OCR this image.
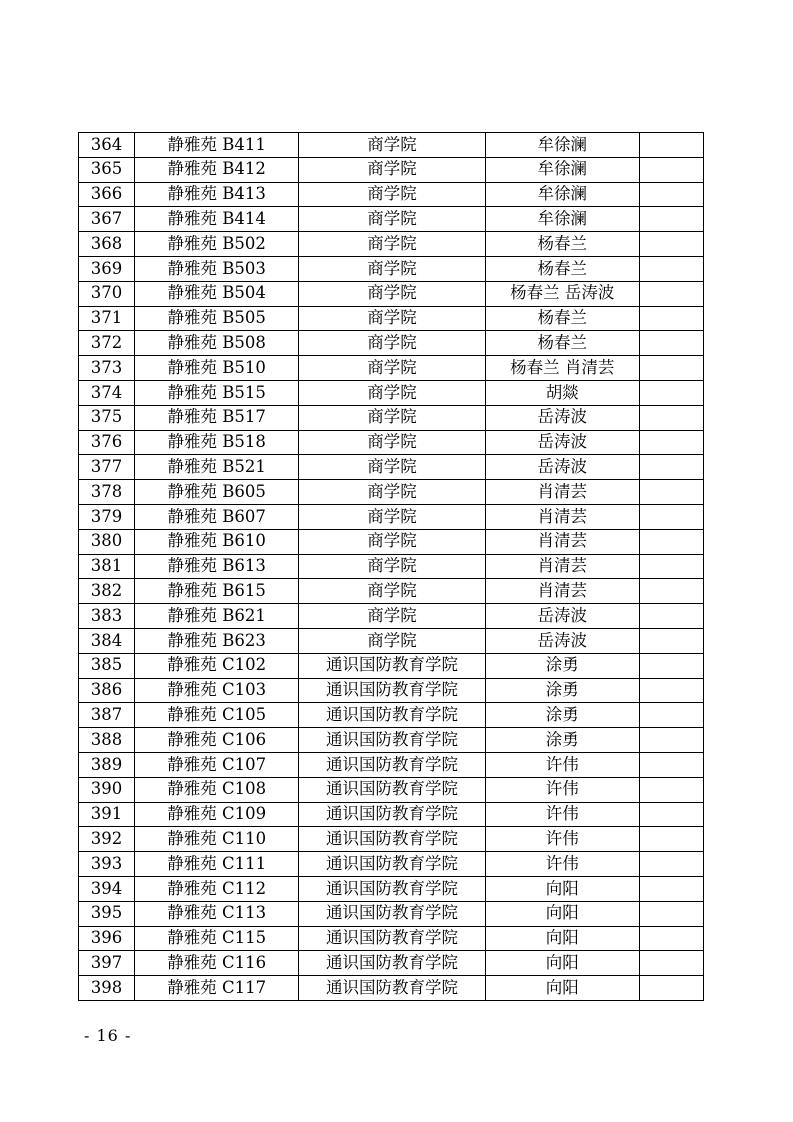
364	静雅苑 B411	商学院	牟徐澜	
365	静雅苑 B412	商学院	牟徐澜	
366	静雅苑 B413	商学院	牟徐澜	
367	静雅苑 B414	商学院	牟徐澜	
368	静雅苑 B502	商学院	杨春兰	
369	静雅苑 B503	商学院	杨春兰	
370	静雅苑 B504	商学院	杨春兰 岳涛波	
371	静雅苑 B505	商学院	杨春兰	
372	静雅苑 B508	商学院	杨春兰	
373	静雅苑 B510	商学院	杨春兰 肖清芸	
374	静雅苑 B515	商学院	胡燚	
375	静雅苑 B517	商学院	岳涛波	
376	静雅苑 B518	商学院	岳涛波	
377	静雅苑 B521	商学院	岳涛波	
378	静雅苑 B605	商学院	肖清芸	
379	静雅苑 B607	商学院	肖清芸	
380	静雅苑 B610	商学院	肖清芸	
381	静雅苑 B613	商学院	肖清芸	
382	静雅苑 B615	商学院	肖清芸	
383	静雅苑 B621	商学院	岳涛波	
384	静雅苑 B623	商学院	岳涛波	
385	静雅苑 C102	通识国防教育学院	涂勇	
386	静雅苑 C103	通识国防教育学院	涂勇	
387	静雅苑 C105	通识国防教育学院	涂勇	
388	静雅苑 C106	通识国防教育学院	涂勇	
389	静雅苑 C107	通识国防教育学院	许伟	
390	静雅苑 C108	通识国防教育学院	许伟	
391	静雅苑 C109	通识国防教育学院	许伟	
392	静雅苑 C110	通识国防教育学院	许伟	
393	静雅苑 C111	通识国防教育学院	许伟	
394	静雅苑 C112	通识国防教育学院	向阳	
395	静雅苑 C113	通识国防教育学院	向阳	
396	静雅苑 C115	通识国防教育学院	向阳	
397	静雅苑 C116	通识国防教育学院	向阳	
398	静雅苑 C117	通识国防教育学院	向阳	
- 16 -
